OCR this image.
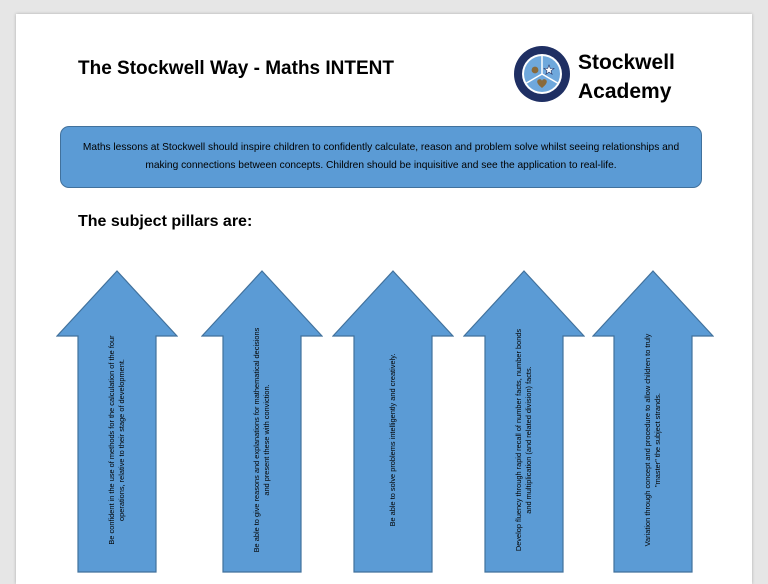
The Stockwell Way - Maths INTENT	Stockwell
Academy
Maths lessons at Stockwell should inspire children to confidently calculate, reason and problem solve whilst seeing relationships and making connections between concepts. Children should be inquisitive and see the application to real-life.
The subject pillars are:
Be confident in the use of methods for the calculation of the four operations, relative to their stage of development.	Be able to give reasons and explanations for mathematical decisions and present these with conviction.	Be able to solve problems intelligently and creatively.	Develop fluency through rapid recall of number facts, number bonds and multiplication (and related division) facts.	Variation through concept and procedure to allow children to truly "master" the subject strands.
